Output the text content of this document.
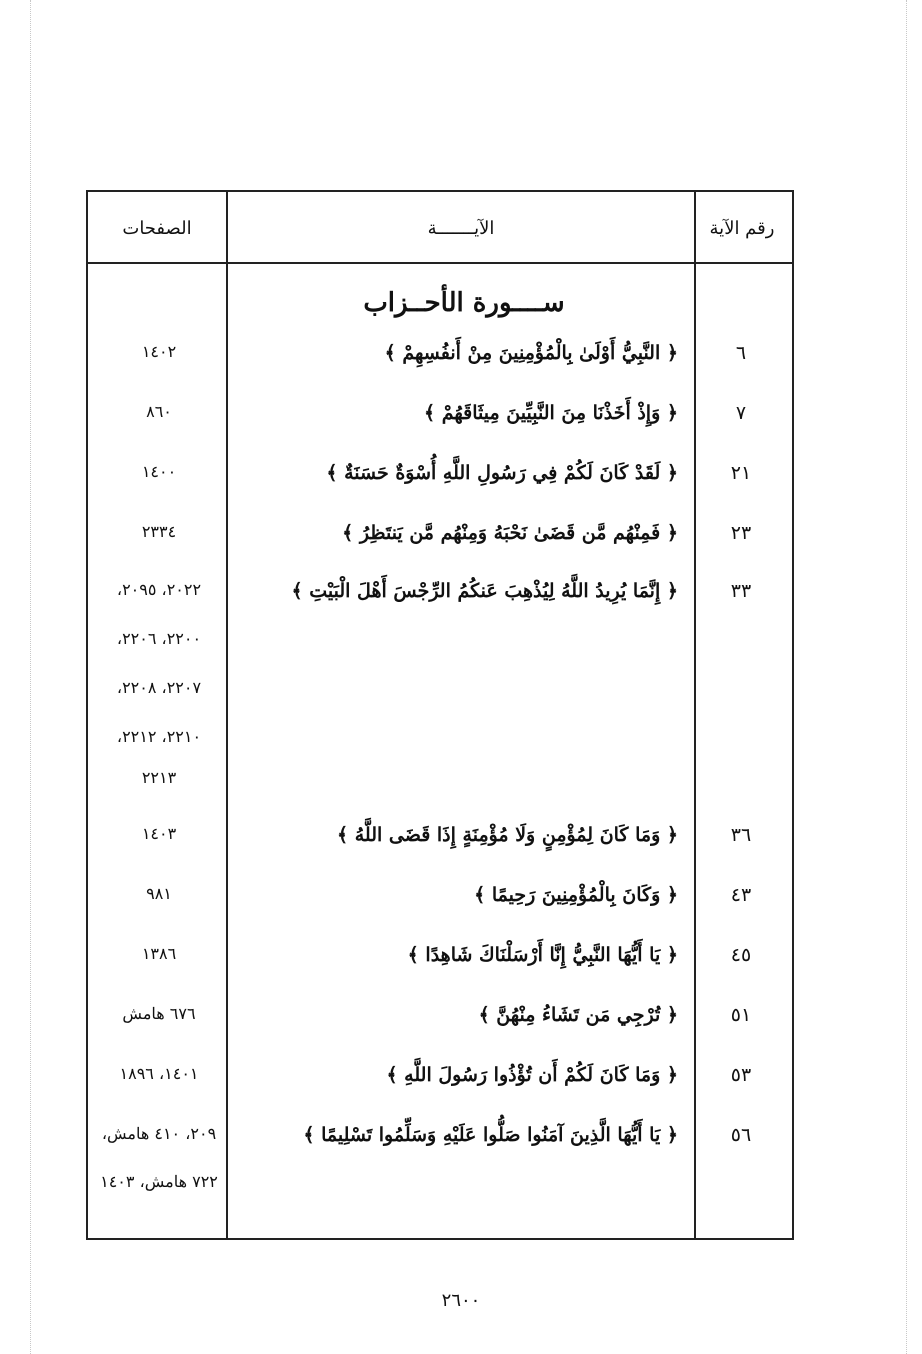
رقم الآية
الآيـــــــة
الصفحات
ســــورة الأحــزاب
٦
﴿ النَّبِيُّ أَوْلَىٰ بِالْمُؤْمِنِينَ مِنْ أَنفُسِهِمْ ﴾
١٤٠٢
٧
﴿ وَإِذْ أَخَذْنَا مِنَ النَّبِيِّينَ مِيثَاقَهُمْ ﴾
٨٦٠
٢١
﴿ لَقَدْ كَانَ لَكُمْ فِي رَسُولِ اللَّهِ أُسْوَةٌ حَسَنَةٌ ﴾
١٤٠٠
٢٣
﴿ فَمِنْهُم مَّن قَضَىٰ نَحْبَهُ وَمِنْهُم مَّن يَنتَظِرُ ﴾
٢٣٣٤
٣٣
﴿ إِنَّمَا يُرِيدُ اللَّهُ لِيُذْهِبَ عَنكُمُ الرِّجْسَ أَهْلَ الْبَيْتِ ﴾
٢٠٢٢، ٢٠٩٥،
٢٢٠٠، ٢٢٠٦،
٢٢٠٧، ٢٢٠٨،
٢٢١٠، ٢٢١٢،
٢٢١٣
٣٦
﴿ وَمَا كَانَ لِمُؤْمِنٍ وَلَا مُؤْمِنَةٍ إِذَا قَضَى اللَّهُ ﴾
١٤٠٣
٤٣
﴿ وَكَانَ بِالْمُؤْمِنِينَ رَحِيمًا ﴾
٩٨١
٤٥
﴿ يَا أَيُّهَا النَّبِيُّ إِنَّا أَرْسَلْنَاكَ شَاهِدًا ﴾
١٣٨٦
٥١
﴿ تُرْجِي مَن تَشَاءُ مِنْهُنَّ ﴾
٦٧٦ هامش
٥٣
﴿ وَمَا كَانَ لَكُمْ أَن تُؤْذُوا رَسُولَ اللَّهِ ﴾
١٤٠١، ١٨٩٦
٥٦
﴿ يَا أَيُّهَا الَّذِينَ آمَنُوا صَلُّوا عَلَيْهِ وَسَلِّمُوا تَسْلِيمًا ﴾
٢٠٩، ٤١٠ هامش،
٧٢٢ هامش، ١٤٠٣
٢٦٠٠
